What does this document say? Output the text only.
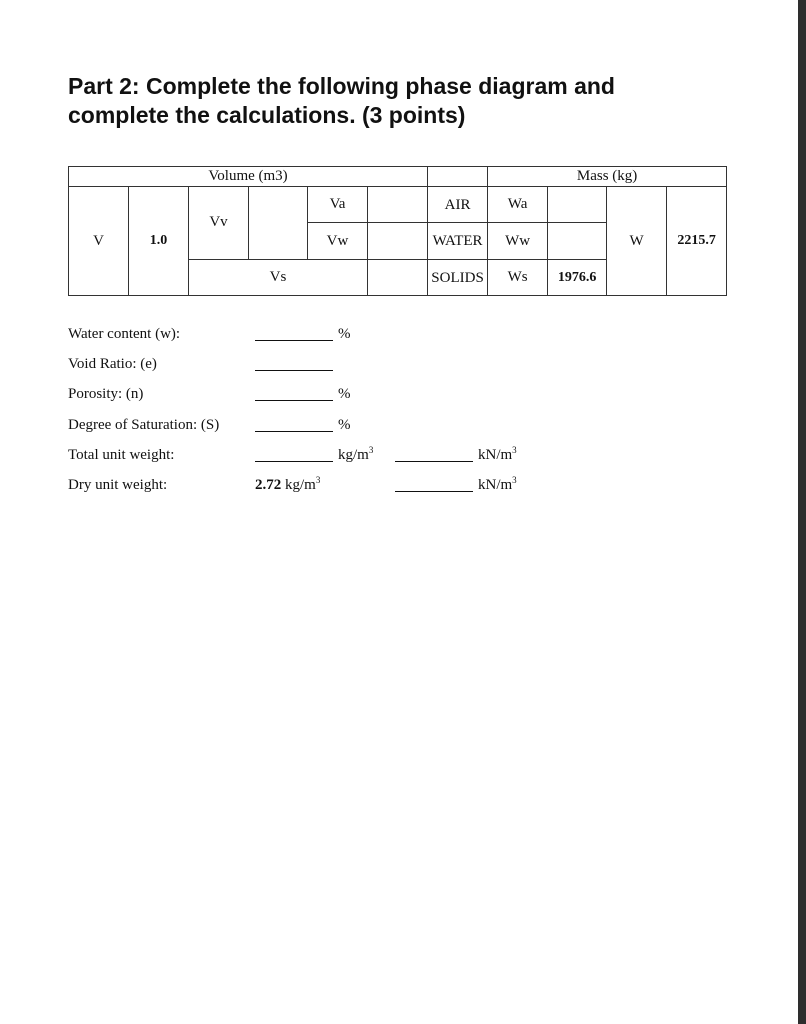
Part 2: Complete the following phase diagram and complete the calculations. (3 points)
Volume (m3)							Mass (kg)			
V	1.0	Vv		Va		AIR	Wa		W	2215.7
				Vw		WATER	Ww			
		Vs				SOLIDS	Ws	1976.6		
Water content (w):	%
Void Ratio: (e)
Porosity: (n)	%
Degree of Saturation: (S)	%
Total unit weight:	$kg/m^3$	$kN/m^3$
Dry unit weight:	2.72 $kg/m^3$	$kN/m^3$
